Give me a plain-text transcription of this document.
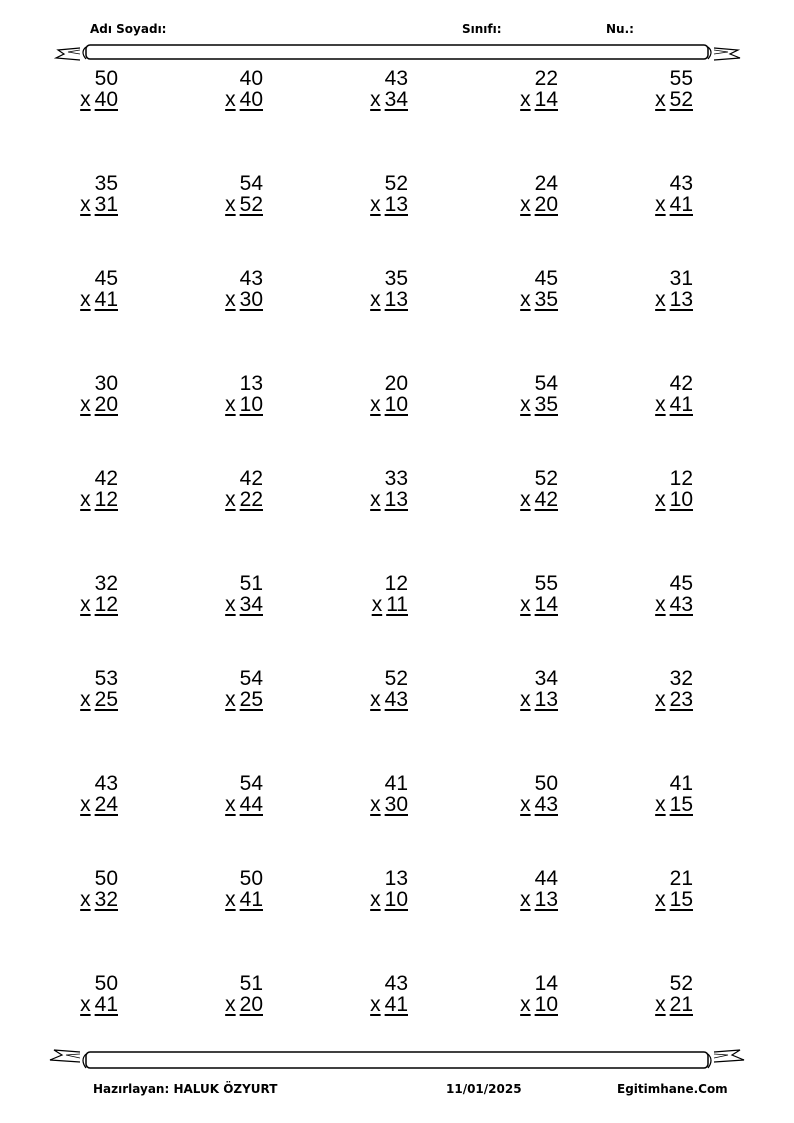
Adı Soyadı:	Sınıfı:	Nu.:
50
x 40
40
x 40
43
x 34
22
x 14
55
x 52
35
x 31
54
x 52
52
x 13
24
x 20
43
x 41
45
x 41
43
x 30
35
x 13
45
x 35
31
x 13
30
x 20
13
x 10
20
x 10
54
x 35
42
x 41
42
x 12
42
x 22
33
x 13
52
x 42
12
x 10
32
x 12
51
x 34
12
x 11
55
x 14
45
x 43
53
x 25
54
x 25
52
x 43
34
x 13
32
x 23
43
x 24
54
x 44
41
x 30
50
x 43
41
x 15
50
x 32
50
x 41
13
x 10
44
x 13
21
x 15
50
x 41
51
x 20
43
x 41
14
x 10
52
x 21
Hazırlayan: HALUK ÖZYURT	11/01/2025	Egitimhane.Com
